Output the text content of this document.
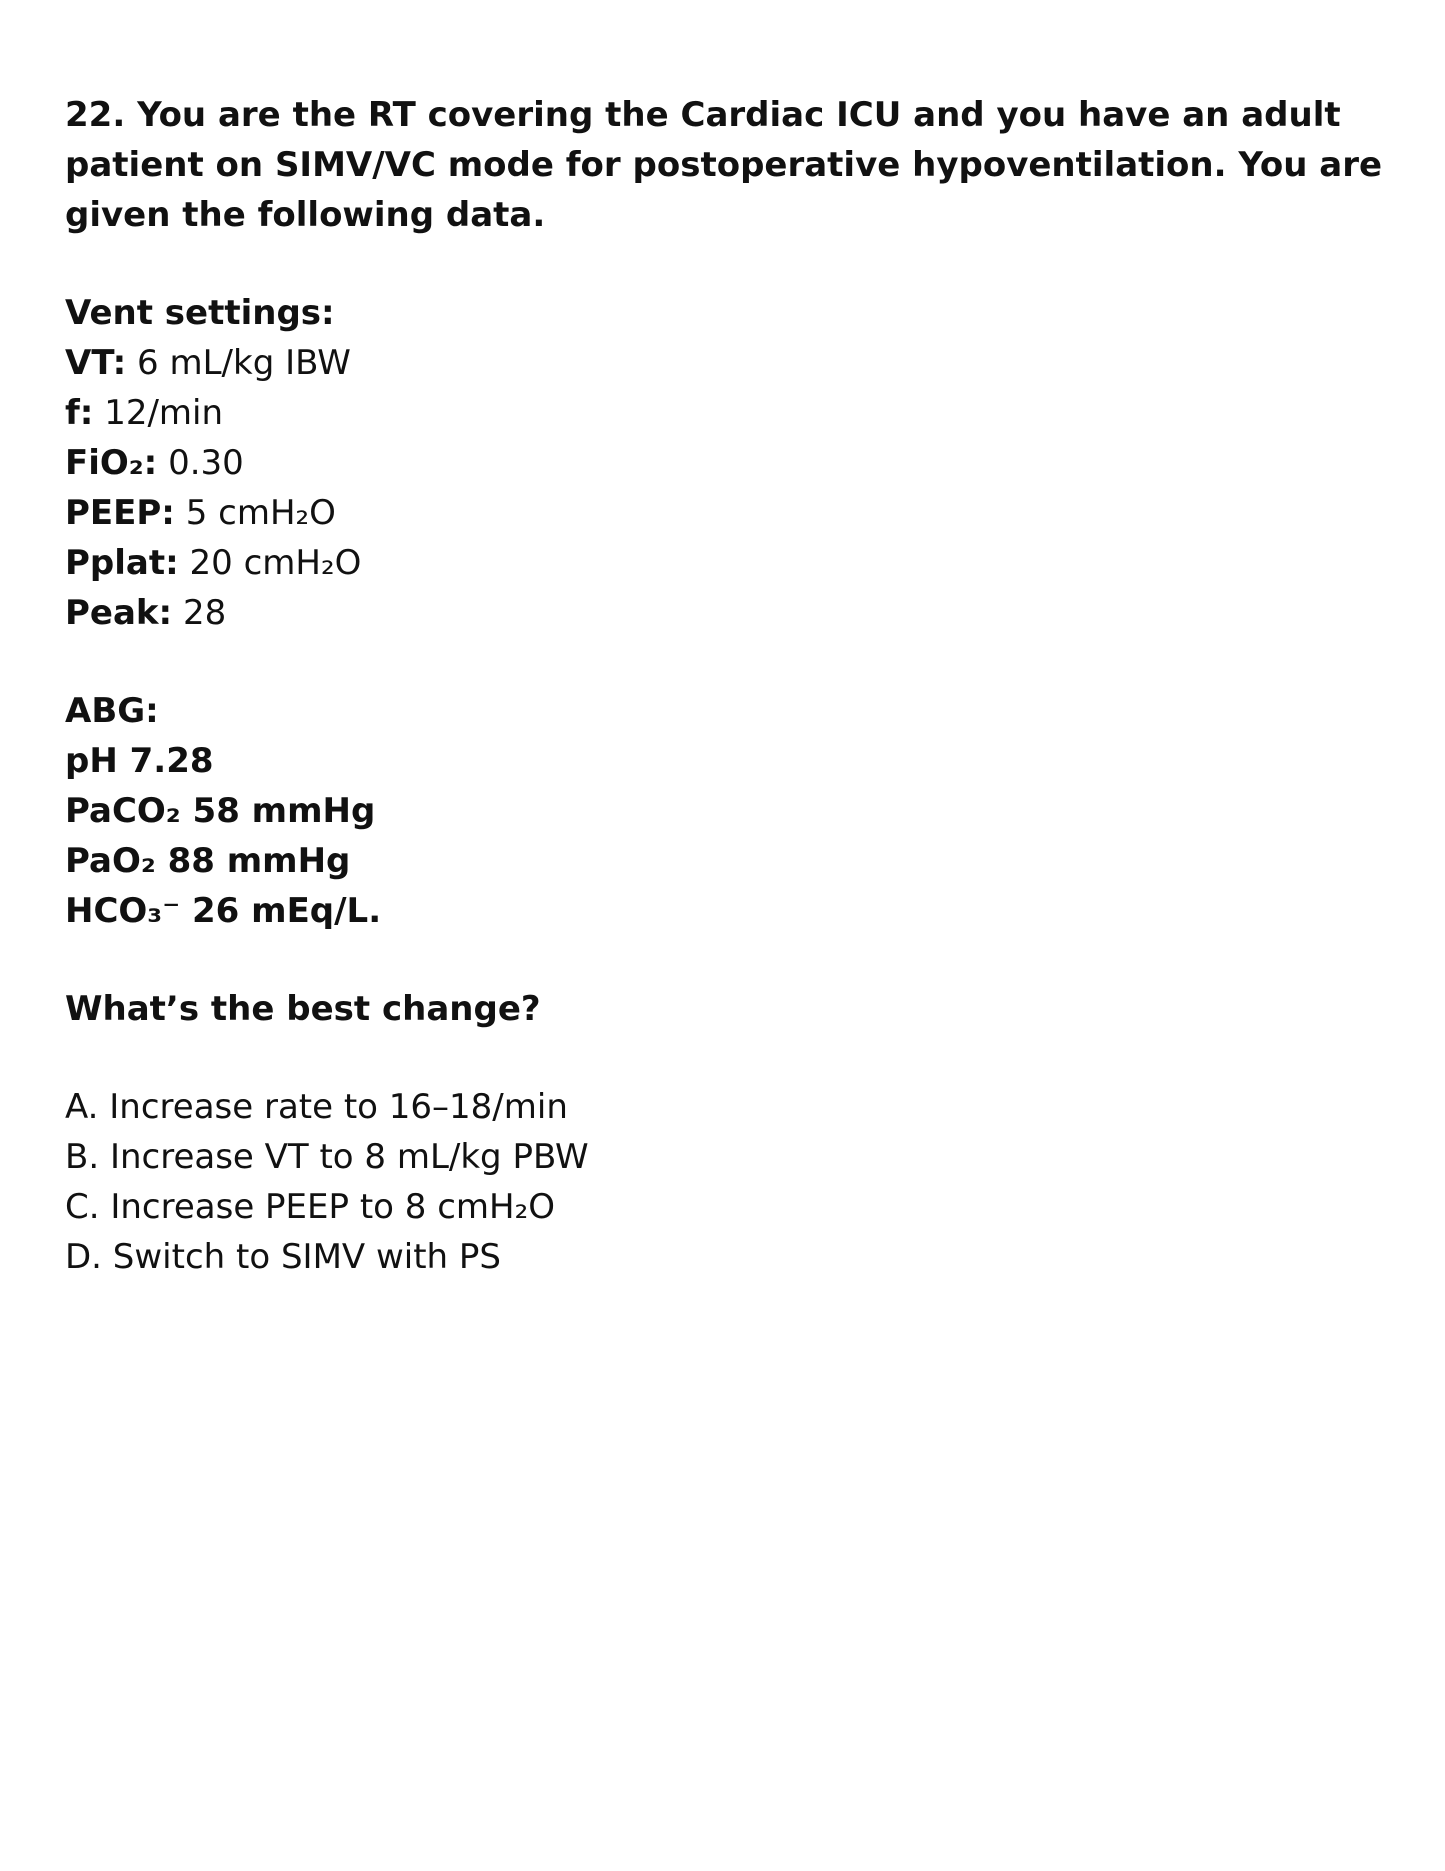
22. You are the RT covering the Cardiac ICU and you have an adult patient on SIMV/VC mode for postoperative hypoventilation. You are given the following data.

Vent settings:

VT: 6 mL/kg IBW

f: 12/min

FiO₂: 0.30

PEEP: 5 cmH₂O

Pplat: 20 cmH₂O

Peak: 28

ABG:

pH 7.28

PaCO₂ 58 mmHg

PaO₂ 88 mmHg

HCO₃⁻ 26 mEq/L.

What’s the best change?

A. Increase rate to 16–18/min

B. Increase VT to 8 mL/kg PBW

C. Increase PEEP to 8 cmH₂O

D. Switch to SIMV with PS
